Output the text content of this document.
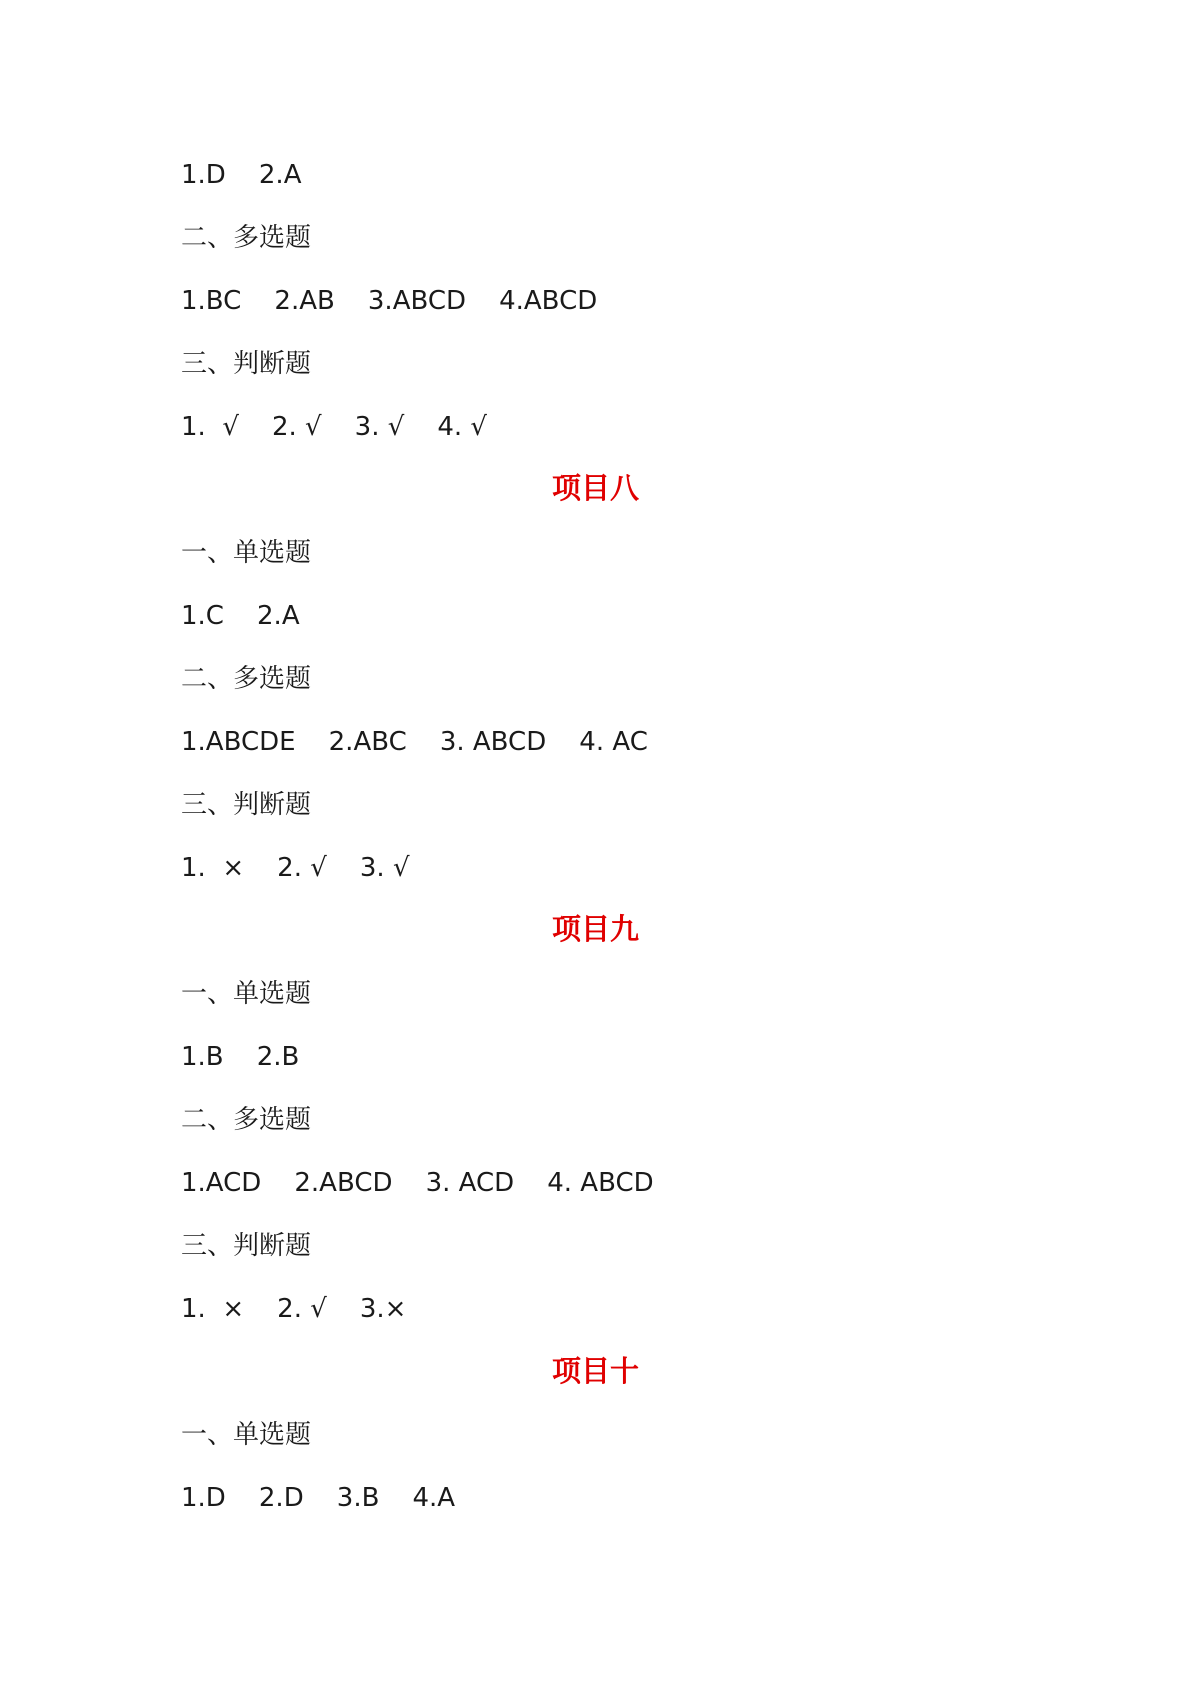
1.D    2.A
二、多选题
1.BC    2.AB    3.ABCD    4.ABCD
三、判断题
1.  √    2. √    3. √    4. √
项目八
一、单选题
1.C    2.A
二、多选题
1.ABCDE    2.ABC    3. ABCD    4. AC
三、判断题
1.  ×    2. √    3. √
项目九
一、单选题
1.B    2.B
二、多选题
1.ACD    2.ABCD    3. ACD    4. ABCD
三、判断题
1.  ×    2. √    3.×
项目十
一、单选题
1.D    2.D    3.B    4.A
